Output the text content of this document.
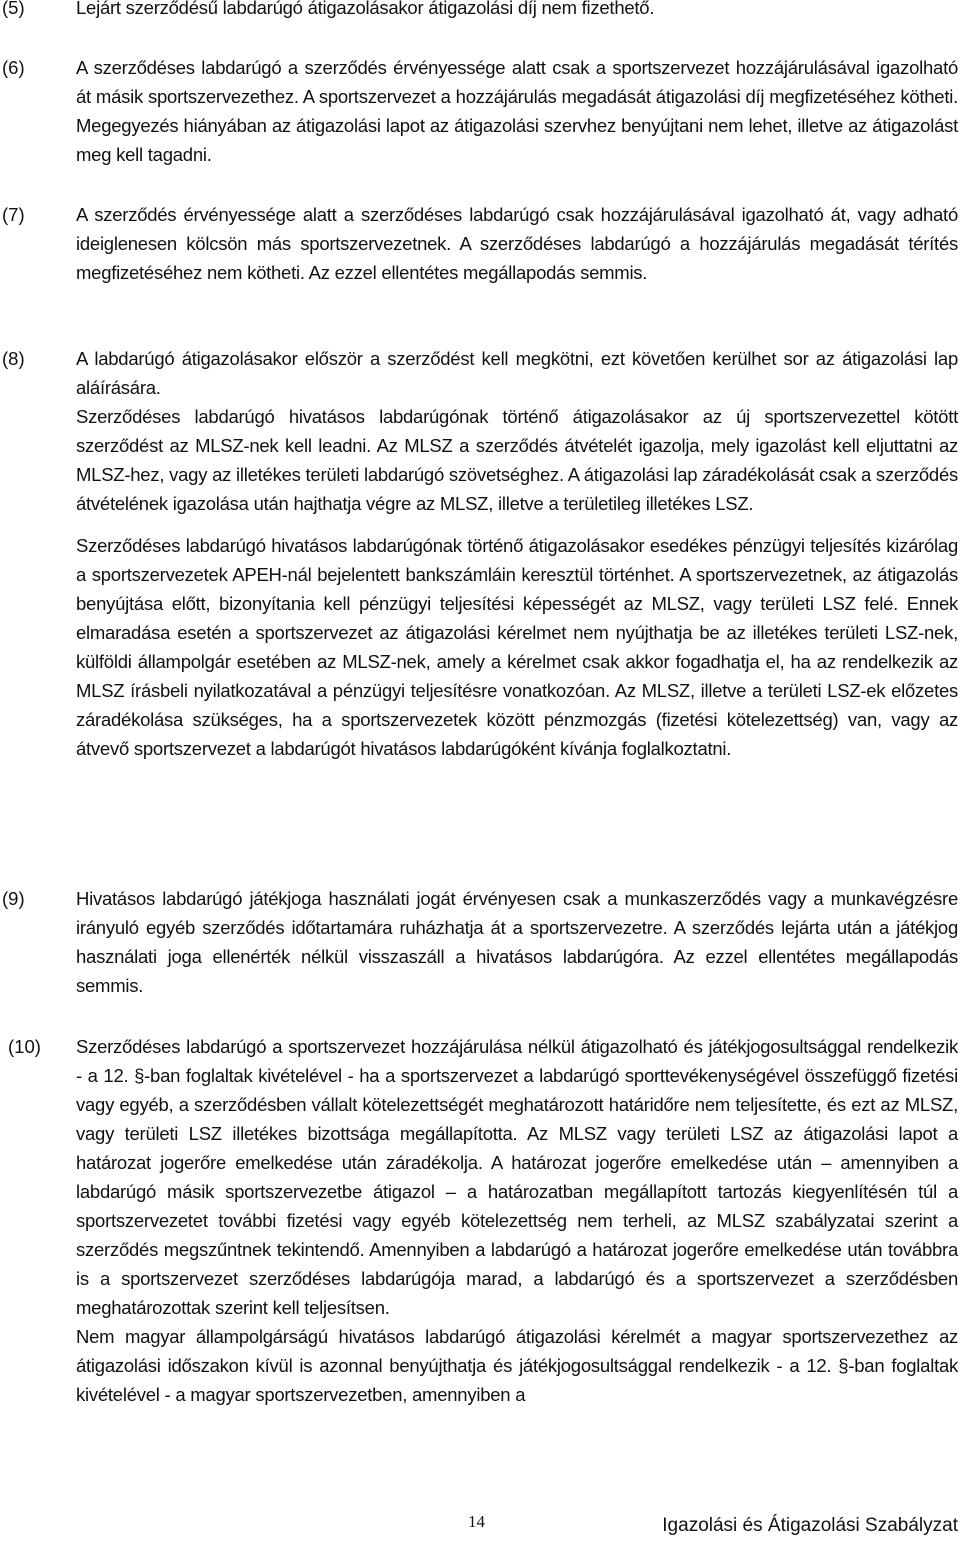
(5)	Lejárt szerződésű labdarúgó átigazolásakor átigazolási díj nem fizethető.

(6)	A szerződéses labdarúgó a szerződés érvényessége alatt csak a sportszervezet hozzájárulásával igazolható át másik sportszervezethez. A sportszervezet a hozzájárulás megadását átigazolási díj megfizetéséhez kötheti. Megegyezés hiányában az átigazolási lapot az átigazolási szervhez benyújtani nem lehet, illetve az átigazolást meg kell tagadni.

(7)	A szerződés érvényessége alatt a szerződéses labdarúgó csak hozzájárulásával igazolható át, vagy adható ideiglenesen kölcsön más sportszervezetnek. A szerződéses labdarúgó a hozzájárulás megadását térítés megfizetéséhez nem kötheti. Az ezzel ellentétes megállapodás semmis.

(8)	A labdarúgó átigazolásakor először a szerződést kell megkötni, ezt követően kerülhet sor az átigazolási lap aláírására.

Szerződéses labdarúgó hivatásos labdarúgónak történő átigazolásakor az új sportszervezettel kötött szerződést az MLSZ-nek kell leadni. Az MLSZ a szerződés átvételét igazolja, mely igazolást kell eljuttatni az MLSZ-hez, vagy az illetékes területi labdarúgó szövetséghez. A átigazolási lap záradékolását csak a szerződés átvételének igazolása után hajthatja végre az MLSZ, illetve a területileg illetékes LSZ.

Szerződéses labdarúgó hivatásos labdarúgónak történő átigazolásakor esedékes pénzügyi teljesítés kizárólag a sportszervezetek APEH-nál bejelentett bankszámláin keresztül történhet. A sportszervezetnek, az átigazolás benyújtása előtt, bizonyítania kell pénzügyi teljesítési képességét az MLSZ, vagy területi LSZ felé. Ennek elmaradása esetén a sportszervezet az átigazolási kérelmet nem nyújthatja be az illetékes területi LSZ-nek, külföldi állampolgár esetében az MLSZ-nek, amely a kérelmet csak akkor fogadhatja el, ha az rendelkezik az MLSZ írásbeli nyilatkozatával a pénzügyi teljesítésre vonatkozóan. Az MLSZ, illetve a területi LSZ-ek előzetes záradékolása szükséges, ha a sportszervezetek között pénzmozgás (fizetési kötelezettség) van, vagy az átvevő sportszervezet a labdarúgót hivatásos labdarúgóként kívánja foglalkoztatni.

(9)	Hivatásos labdarúgó játékjoga használati jogát érvényesen csak a munkaszerződés vagy a munkavégzésre irányuló egyéb szerződés időtartamára ruházhatja át a sportszervezetre. A szerződés lejárta után a játékjog használati joga ellenérték nélkül visszaszáll a hivatásos labdarúgóra. Az ezzel ellentétes megállapodás semmis.

(10) Szerződéses labdarúgó a sportszervezet hozzájárulása nélkül átigazolható és játékjogosultsággal rendelkezik - a 12. §-ban foglaltak kivételével - ha a sportszervezet a labdarúgó sporttevékenységével összefüggő fizetési vagy egyéb, a szerződésben vállalt kötelezettségét meghatározott határidőre nem teljesítette, és ezt az MLSZ, vagy területi LSZ illetékes bizottsága megállapította. Az MLSZ vagy területi LSZ az átigazolási lapot a határozat jogerőre emelkedése után záradékolja. A határozat jogerőre emelkedése után – amennyiben a labdarúgó másik sportszervezetbe átigazol – a határozatban megállapított tartozás kiegyenlítésén túl a sportszervezetet további fizetési vagy egyéb kötelezettség nem terheli, az MLSZ szabályzatai szerint a szerződés megszűntnek tekintendő. Amennyiben a labdarúgó a határozat jogerőre emelkedése után továbbra is a sportszervezet szerződéses labdarúgója marad, a labdarúgó és a sportszervezet a szerződésben meghatározottak szerint kell teljesítsen.

Nem magyar állampolgárságú hivatásos labdarúgó átigazolási kérelmét a magyar sportszervezethez az átigazolási időszakon kívül is azonnal benyújthatja és játékjogosultsággal rendelkezik - a 12. §-ban foglaltak kivételével - a magyar sportszervezetben, amennyiben a

14	Igazolási és Átigazolási Szabályzat
